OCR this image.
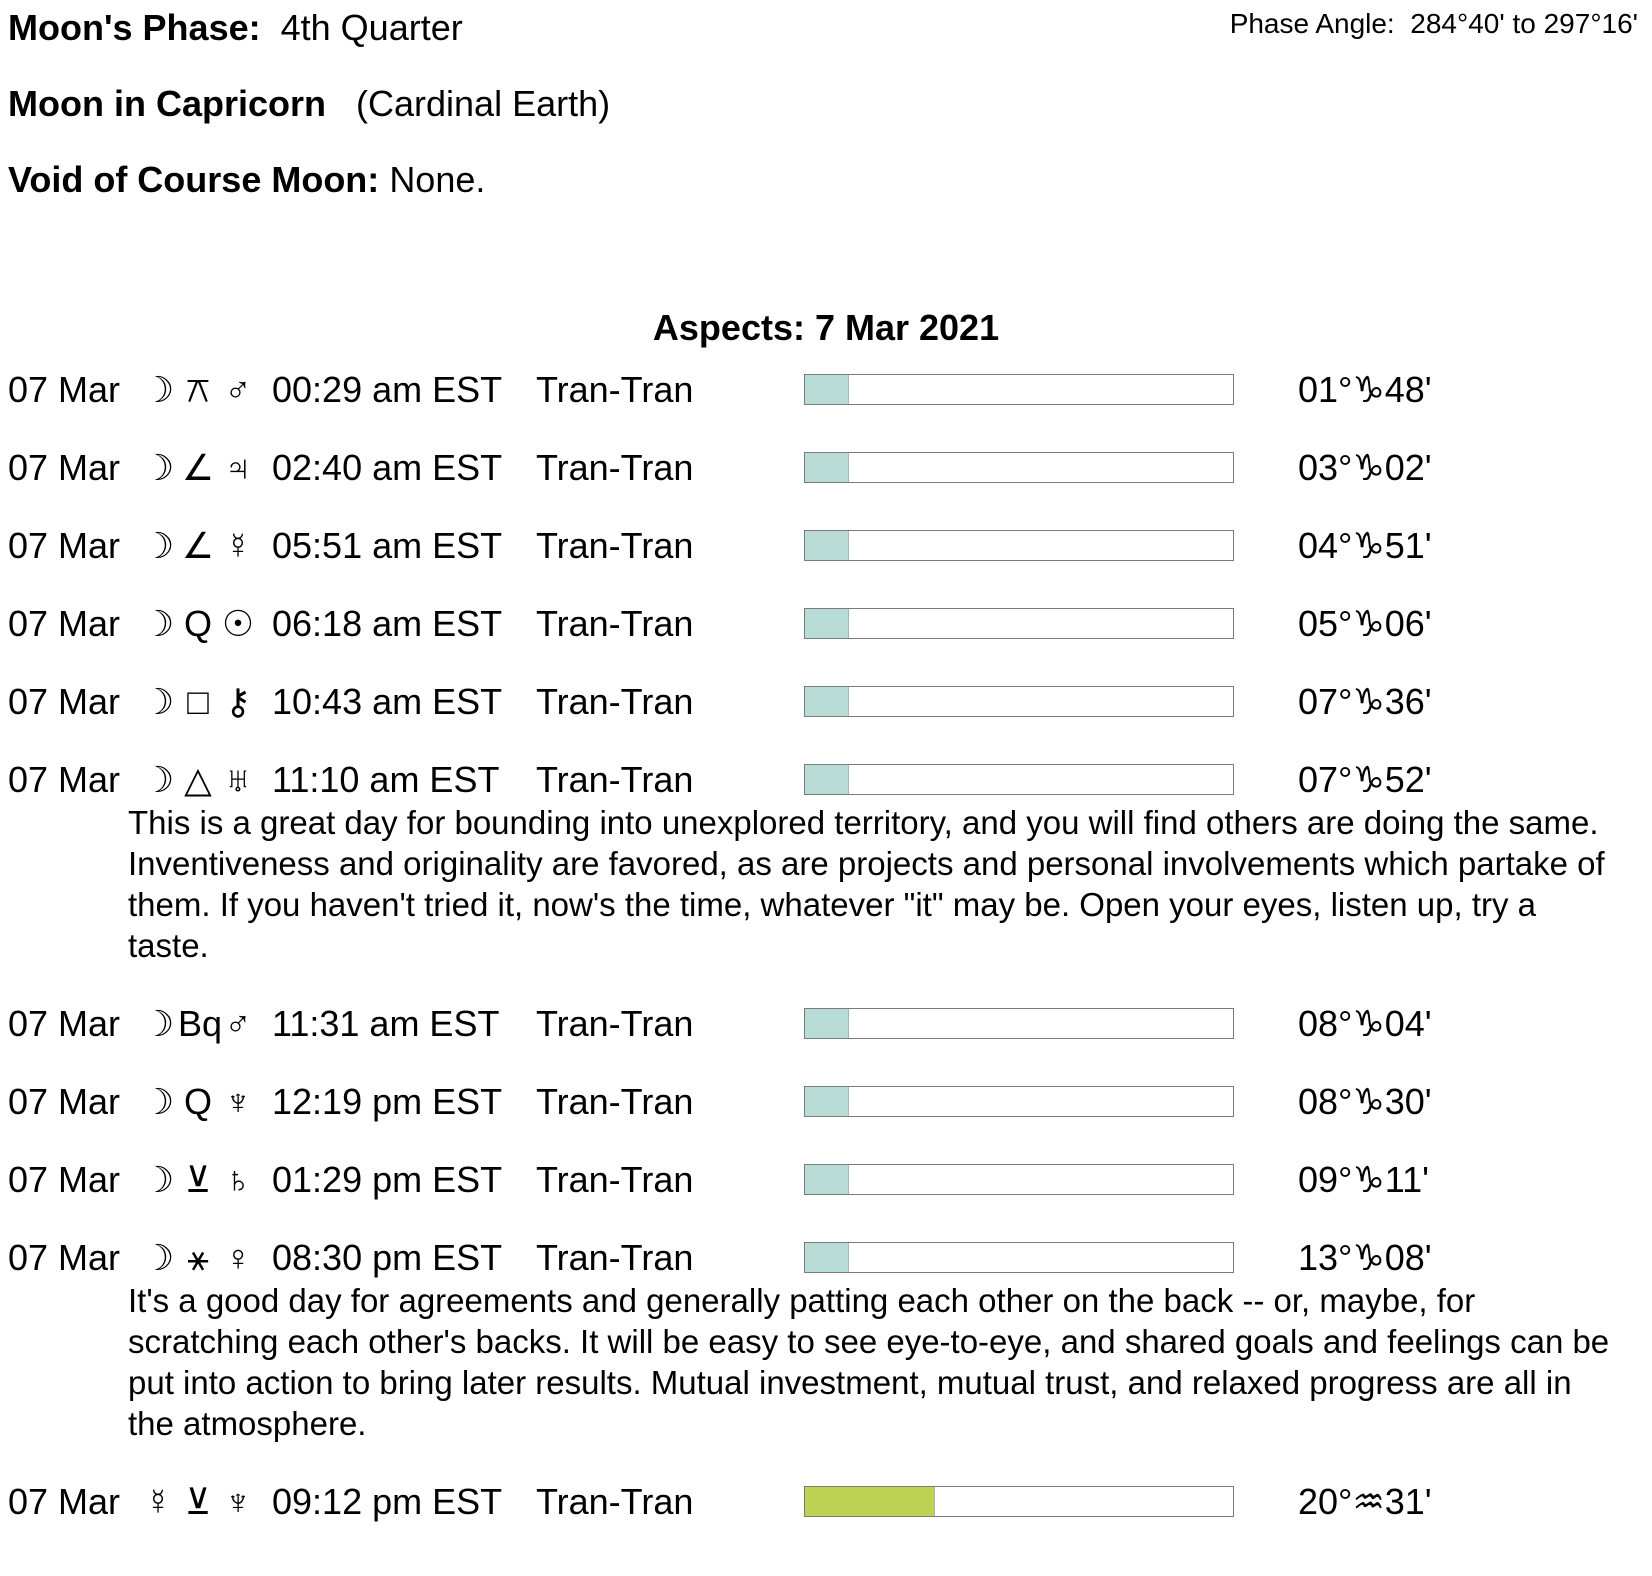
Moon's Phase: 4th Quarter	Phase Angle: 284°40' to 297°16'
Moon in Capricorn (Cardinal Earth)
Void of Course Moon: None.
Aspects: 7 Mar 2021
07 Mar ☽ ⚻ ♂ 00:29 am EST Tran-Tran	01°♑48'
07 Mar ☽ ∠ ♃ 02:40 am EST Tran-Tran	03°♑02'
07 Mar ☽ ∠ ☿ 05:51 am EST Tran-Tran	04°♑51'
07 Mar ☽ Q ☉ 06:18 am EST Tran-Tran	05°♑06'
07 Mar ☽ □ ⚷ 10:43 am EST Tran-Tran	07°♑36'
07 Mar ☽ △ ♅ 11:10 am EST Tran-Tran	07°♑52'
This is a great day for bounding into unexplored territory, and you will find others are doing the same. Inventiveness and originality are favored, as are projects and personal involvements which partake of them. If you haven't tried it, now's the time, whatever "it" may be. Open your eyes, listen up, try a taste.
07 Mar ☽ Bq♂ 11:31 am EST Tran-Tran	08°♑04'
07 Mar ☽ Q ♆ 12:19 pm EST Tran-Tran	08°♑30'
07 Mar ☽ ⊻ ♄ 01:29 pm EST Tran-Tran	09°♑11'
07 Mar ☽ ⚹ ♀ 08:30 pm EST Tran-Tran	13°♑08'
It's a good day for agreements and generally patting each other on the back -- or, maybe, for scratching each other's backs. It will be easy to see eye-to-eye, and shared goals and feelings can be put into action to bring later results. Mutual investment, mutual trust, and relaxed progress are all in the atmosphere.
07 Mar ☿ ⊻ ♆ 09:12 pm EST Tran-Tran	20°♒31'
